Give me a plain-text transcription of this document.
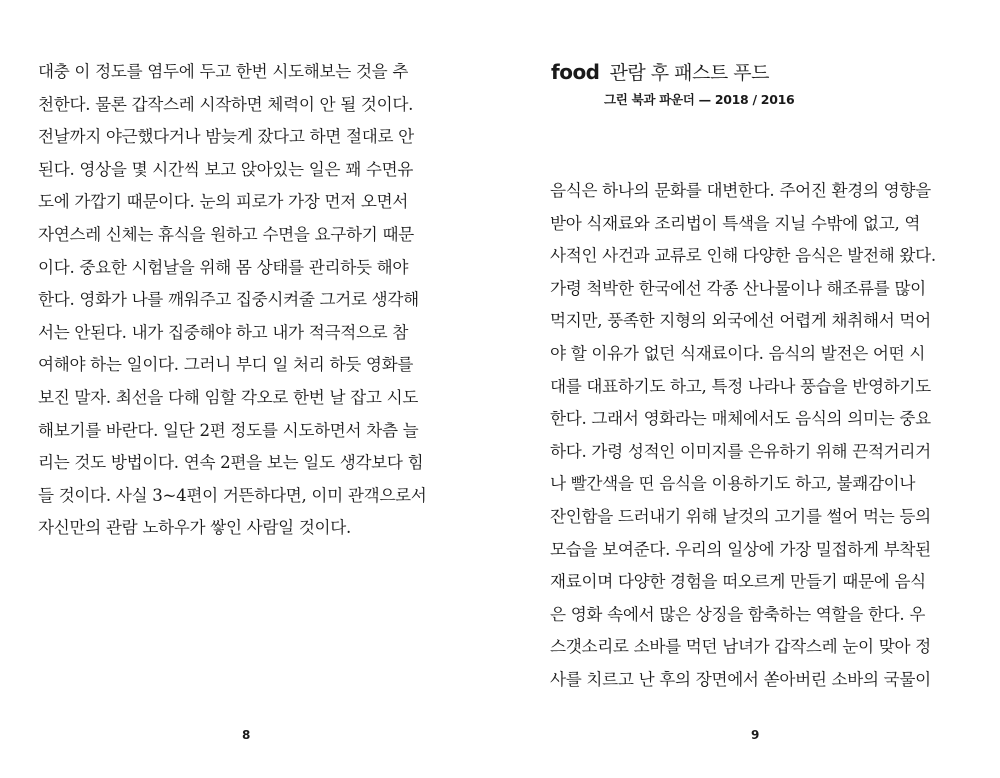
대충 이 정도를 염두에 두고 한번 시도해보는 것을 추
천한다. 물론 갑작스레 시작하면 체력이 안 될 것이다.
전날까지 야근했다거나 밤늦게 잤다고 하면 절대로 안
된다. 영상을 몇 시간씩 보고 앉아있는 일은 꽤 수면유
도에 가깝기 때문이다. 눈의 피로가 가장 먼저 오면서
자연스레 신체는 휴식을 원하고 수면을 요구하기 때문
이다. 중요한 시험날을 위해 몸 상태를 관리하듯 해야
한다. 영화가 나를 깨워주고 집중시켜줄 그거로 생각해
서는 안된다. 내가 집중해야 하고 내가 적극적으로 참
여해야 하는 일이다. 그러니 부디 일 처리 하듯 영화를
보진 말자. 최선을 다해 임할 각오로 한번 날 잡고 시도
해보기를 바란다. 일단 2편 정도를 시도하면서 차츰 늘
리는 것도 방법이다. 연속 2편을 보는 일도 생각보다 힘
들 것이다. 사실 3~4편이 거뜬하다면, 이미 관객으로서
자신만의 관람 노하우가 쌓인 사람일 것이다.
8
food 관람 후 패스트 푸드
그린 북과 파운더 — 2018 / 2016
음식은 하나의 문화를 대변한다. 주어진 환경의 영향을
받아 식재료와 조리법이 특색을 지닐 수밖에 없고, 역
사적인 사건과 교류로 인해 다양한 음식은 발전해 왔다.
가령 척박한 한국에선 각종 산나물이나 해조류를 많이
먹지만, 풍족한 지형의 외국에선 어렵게 채취해서 먹어
야 할 이유가 없던 식재료이다. 음식의 발전은 어떤 시
대를 대표하기도 하고, 특정 나라나 풍습을 반영하기도
한다. 그래서 영화라는 매체에서도 음식의 의미는 중요
하다. 가령 성적인 이미지를 은유하기 위해 끈적거리거
나 빨간색을 띤 음식을 이용하기도 하고, 불쾌감이나
잔인함을 드러내기 위해 날것의 고기를 썰어 먹는 등의
모습을 보여준다. 우리의 일상에 가장 밀접하게 부착된
재료이며 다양한 경험을 떠오르게 만들기 때문에 음식
은 영화 속에서 많은 상징을 함축하는 역할을 한다. 우
스갯소리로 소바를 먹던 남녀가 갑작스레 눈이 맞아 정
사를 치르고 난 후의 장면에서 쏟아버린 소바의 국물이
9
